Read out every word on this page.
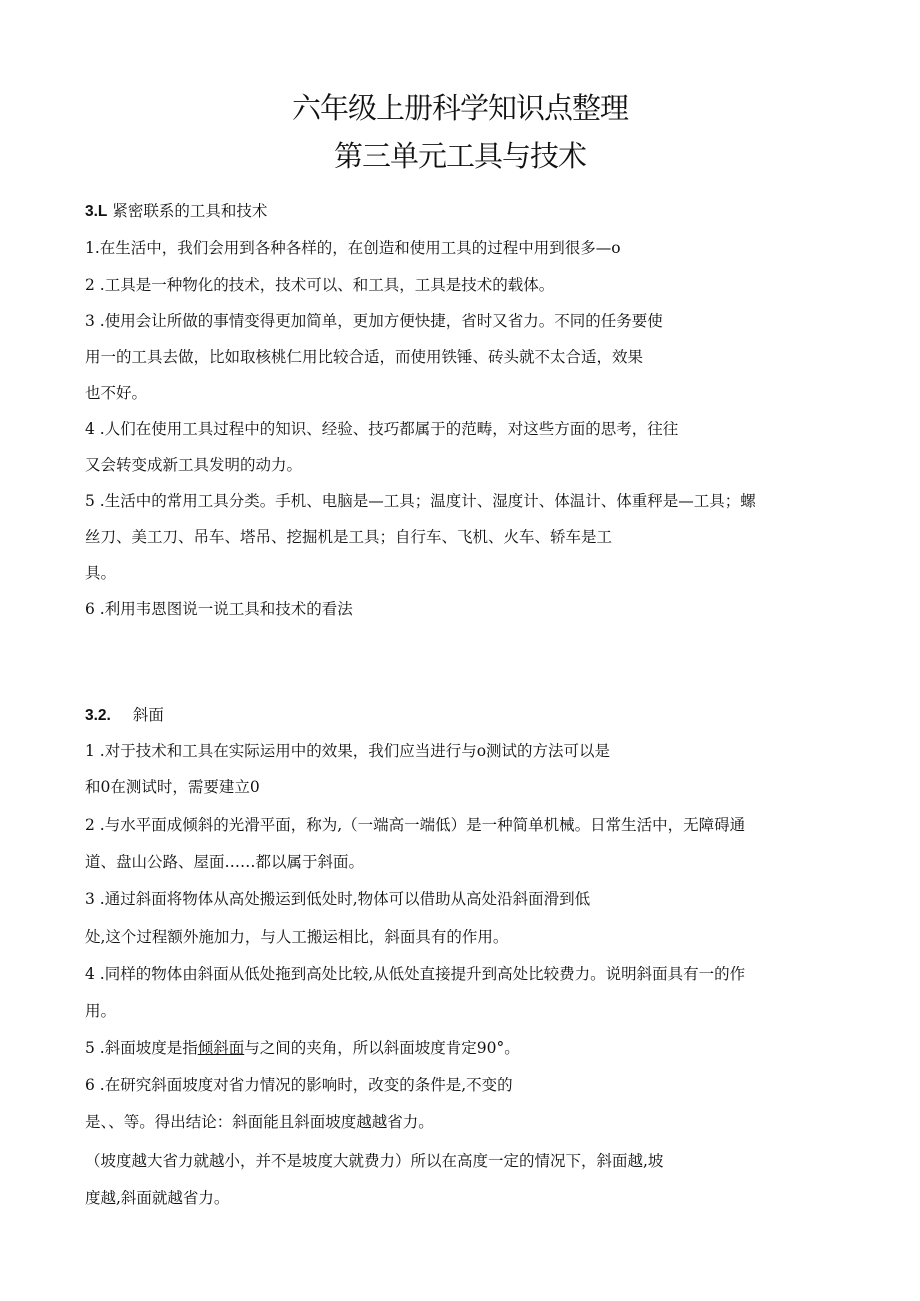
六年级上册科学知识点整理
第三单元工具与技术
3.L 紧密联系的工具和技术
1.在生活中，我们会用到各种各样的，在创造和使用工具的过程中用到很多—o
2 .工具是一种物化的技术，技术可以、和工具，工具是技术的载体。
3 .使用会让所做的事情变得更加简单，更加方便快捷，省时又省力。不同的任务要使
用一的工具去做，比如取核桃仁用比较合适，而使用铁锤、砖头就不太合适，效果
也不好。
4 .人们在使用工具过程中的知识、经验、技巧都属于的范畴，对这些方面的思考，往往
又会转变成新工具发明的动力。
5 .生活中的常用工具分类。手机、电脑是—工具；温度计、湿度计、体温计、体重秤是—工具；螺
丝刀、美工刀、吊车、塔吊、挖掘机是工具；自行车、飞机、火车、轿车是工
具。
6 .利用韦恩图说一说工具和技术的看法
3.2. 斜面
1 .对于技术和工具在实际运用中的效果，我们应当进行与o测试的方法可以是
和0在测试时，需要建立0
2 .与水平面成倾斜的光滑平面，称为,（一端高一端低）是一种简单机械。日常生活中，无障碍通
道、盘山公路、屋面……都以属于斜面。
3 .通过斜面将物体从高处搬运到低处时,物体可以借助从高处沿斜面滑到低
处,这个过程额外施加力，与人工搬运相比，斜面具有的作用。
4 .同样的物体由斜面从低处拖到高处比较,从低处直接提升到高处比较费力。说明斜面具有一的作
用。
5 .斜面坡度是指倾斜面与之间的夹角，所以斜面坡度肯定90°。
6 .在研究斜面坡度对省力情况的影响时，改变的条件是,不变的
是、、等。得出结论：斜面能且斜面坡度越越省力。
（坡度越大省力就越小，并不是坡度大就费力）所以在高度一定的情况下，斜面越,坡
度越,斜面就越省力。
